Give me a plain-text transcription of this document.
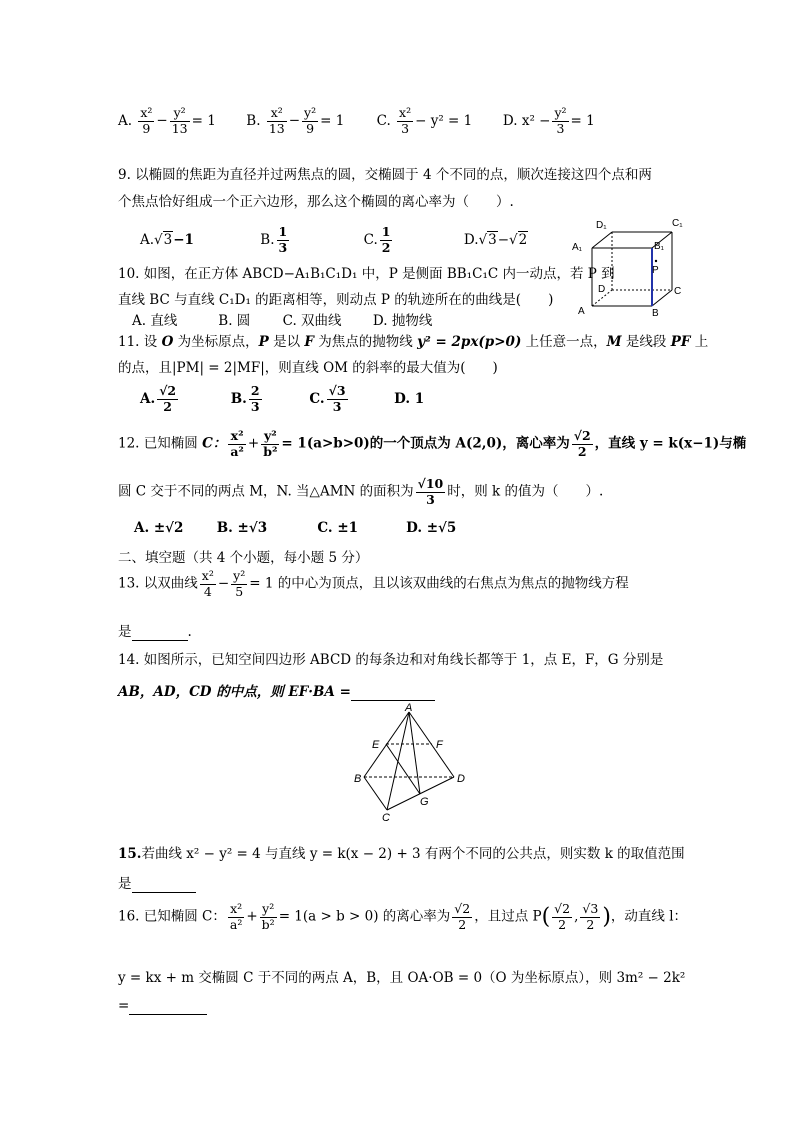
A. $\frac{\text{x²}}{9} - \frac{\text{y²}}{13} = 1$ B. $\frac{\text{x²}}{13} - \frac{\text{y²}}{9} = 1$ C. $\frac{\text{x²}}{3} - y^2 = 1$ D. $x^2 - \frac{\text{y²}}{3} = 1$
9. 以椭圆的焦距为直径并过两焦点的圆，交椭圆于 4 个不同的点，顺次连接这四个点和两
个焦点恰好组成一个正六边形，那么这个椭圆的离心率为（　　）.
A.√3−1	B. $\frac{1}{3}$	C. $\frac{1}{2}$	D.√3−√2
D₁	C₁
A₁	B₁
P
D	C
A	B
10. 如图，在正方体 ABCD−A₁B₁C₁D₁ 中，P 是侧面 BB₁C₁C 内一动点，若 P 到
直线 BC 与直线 C₁D₁ 的距离相等，则动点 P 的轨迹所在的曲线是(　　)
A. 直线	B. 圆 C. 双曲线 D. 抛物线
11. 设 O 为坐标原点，P 是以 F 为焦点的抛物线 y² = 2px(p>0) 上任意一点，M 是线段 PF 上
的点，且|PM| = 2|MF|，则直线 OM 的斜率的最大值为(　　)
A. $\frac{√2}{2}$	B. $\frac{2}{3}$	C. $\frac{√3}{3}$	D. 1
12. 已知椭圆 C： $\frac{\text{x²}}{\text{a²}} + \frac{\text{y²}}{\text{b²}} = 1(a>b>0)$的一个顶点为 A(2,0)，离心率为 $\frac{√2}{2}$ ，直线 y = k(x−1)与椭
圆 C 交于不同的两点 M，N. 当△AMN 的面积为 $\frac{√10}{3}$ 时，则 k 的值为（　　）.
A. ±√2 B. ±√3	C. ±1	D. ±√5
二、填空题（共 4 个小题，每小题 5 分）
13. 以双曲线 $\frac{\text{x²}}{4} - \frac{\text{y²}}{5} = 1$ 的中心为顶点，且以该双曲线的右焦点为焦点的抛物线方程
是	.
14. 如图所示，已知空间四边形 ABCD 的每条边和对角线长都等于 1，点 E，F，G 分别是
AB，AD，CD 的中点，则 EF·BA =
A
E	F
B	D
G
C
15.若曲线 x² − y² = 4 与直线 y = k(x − 2) + 3 有两个不同的公共点，则实数 k 的取值范围
是
16. 已知椭圆 C： $\frac{\text{x²}}{\text{a²}} + \frac{\text{y²}}{\text{b²}} = 1(a > b > 0)$ 的离心率为 $\frac{√2}{2}$ ，且过点 $P( \frac{√2}{2}$ , $\frac{√3}{2}$ )，动直线 l：
y = kx + m 交椭圆 C 于不同的两点 A，B，且 OA·OB = 0（O 为坐标原点），则 3m² − 2k²
=
